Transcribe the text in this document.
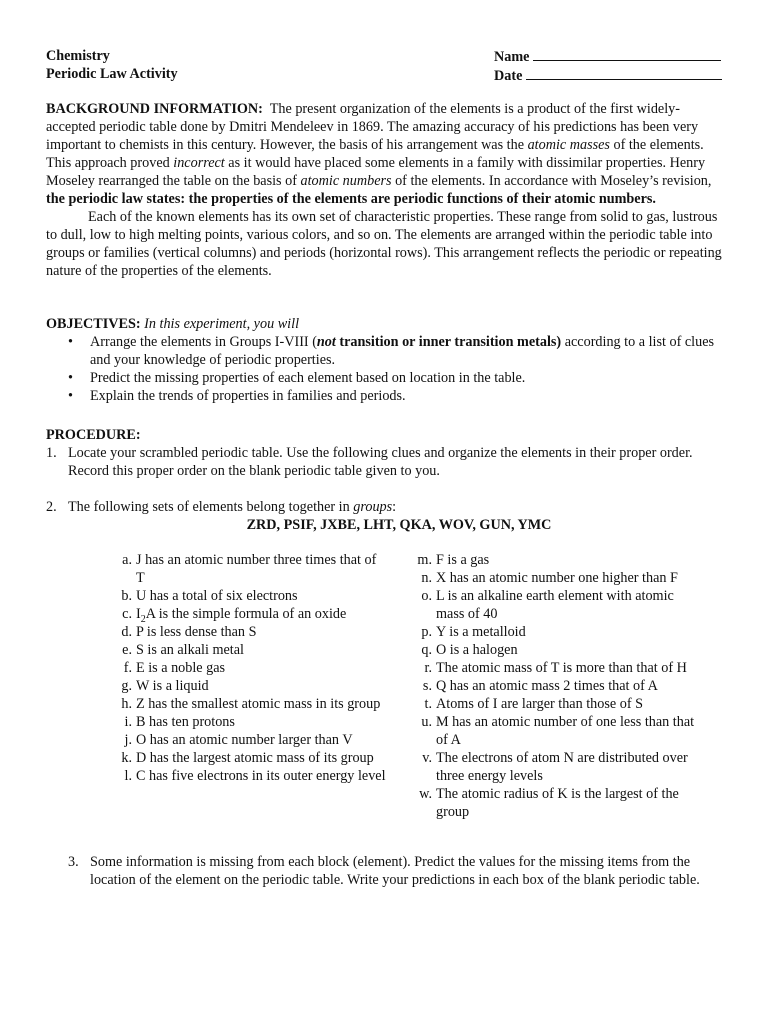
Chemistry
Periodic Law Activity
Name
Date

BACKGROUND INFORMATION: The present organization of the elements is a product of the first widely-accepted periodic table done by Dmitri Mendeleev in 1869. The amazing accuracy of his predictions has been very important to chemists in this century. However, the basis of his arrangement was the atomic masses of the elements. This approach proved incorrect as it would have placed some elements in a family with dissimilar properties. Henry Moseley rearranged the table on the basis of atomic numbers of the elements. In accordance with Moseley’s revision, the periodic law states: the properties of the elements are periodic functions of their atomic numbers.

Each of the known elements has its own set of characteristic properties. These range from solid to gas, lustrous to dull, low to high melting points, various colors, and so on. The elements are arranged within the periodic table into groups or families (vertical columns) and periods (horizontal rows). This arrangement reflects the periodic or repeating nature of the properties of the elements.

OBJECTIVES: In this experiment, you will
• Arrange the elements in Groups I-VIII (not transition or inner transition metals) according to a list of clues and your knowledge of periodic properties.
• Predict the missing properties of each element based on location in the table.
• Explain the trends of properties in families and periods.
PROCEDURE:
1. Locate your scrambled periodic table. Use the following clues and organize the elements in their proper order. Record this proper order on the blank periodic table given to you.
2. The following sets of elements belong together in groups:
ZRD, PSIF, JXBE, LHT, QKA, WOV, GUN, YMC
a. J has an atomic number three times that of T
b. U has a total of six electrons
c. $I_2A$ is the simple formula of an oxide
d. P is less dense than S
e. S is an alkali metal
f. E is a noble gas
g. W is a liquid
h. Z has the smallest atomic mass in its group
i. B has ten protons
j. O has an atomic number larger than V
k. D has the largest atomic mass of its group
l. C has five electrons in its outer energy level
m. F is a gas
n. X has an atomic number one higher than F
o. L is an alkaline earth element with atomic mass of 40
p. Y is a metalloid
q. O is a halogen
r. The atomic mass of T is more than that of H
s. Q has an atomic mass 2 times that of A
t. Atoms of I are larger than those of S
u. M has an atomic number of one less than that of A
v. The electrons of atom N are distributed over three energy levels
w. The atomic radius of K is the largest of the group
3. Some information is missing from each block (element). Predict the values for the missing items from the location of the element on the periodic table. Write your predictions in each box of the blank periodic table.
